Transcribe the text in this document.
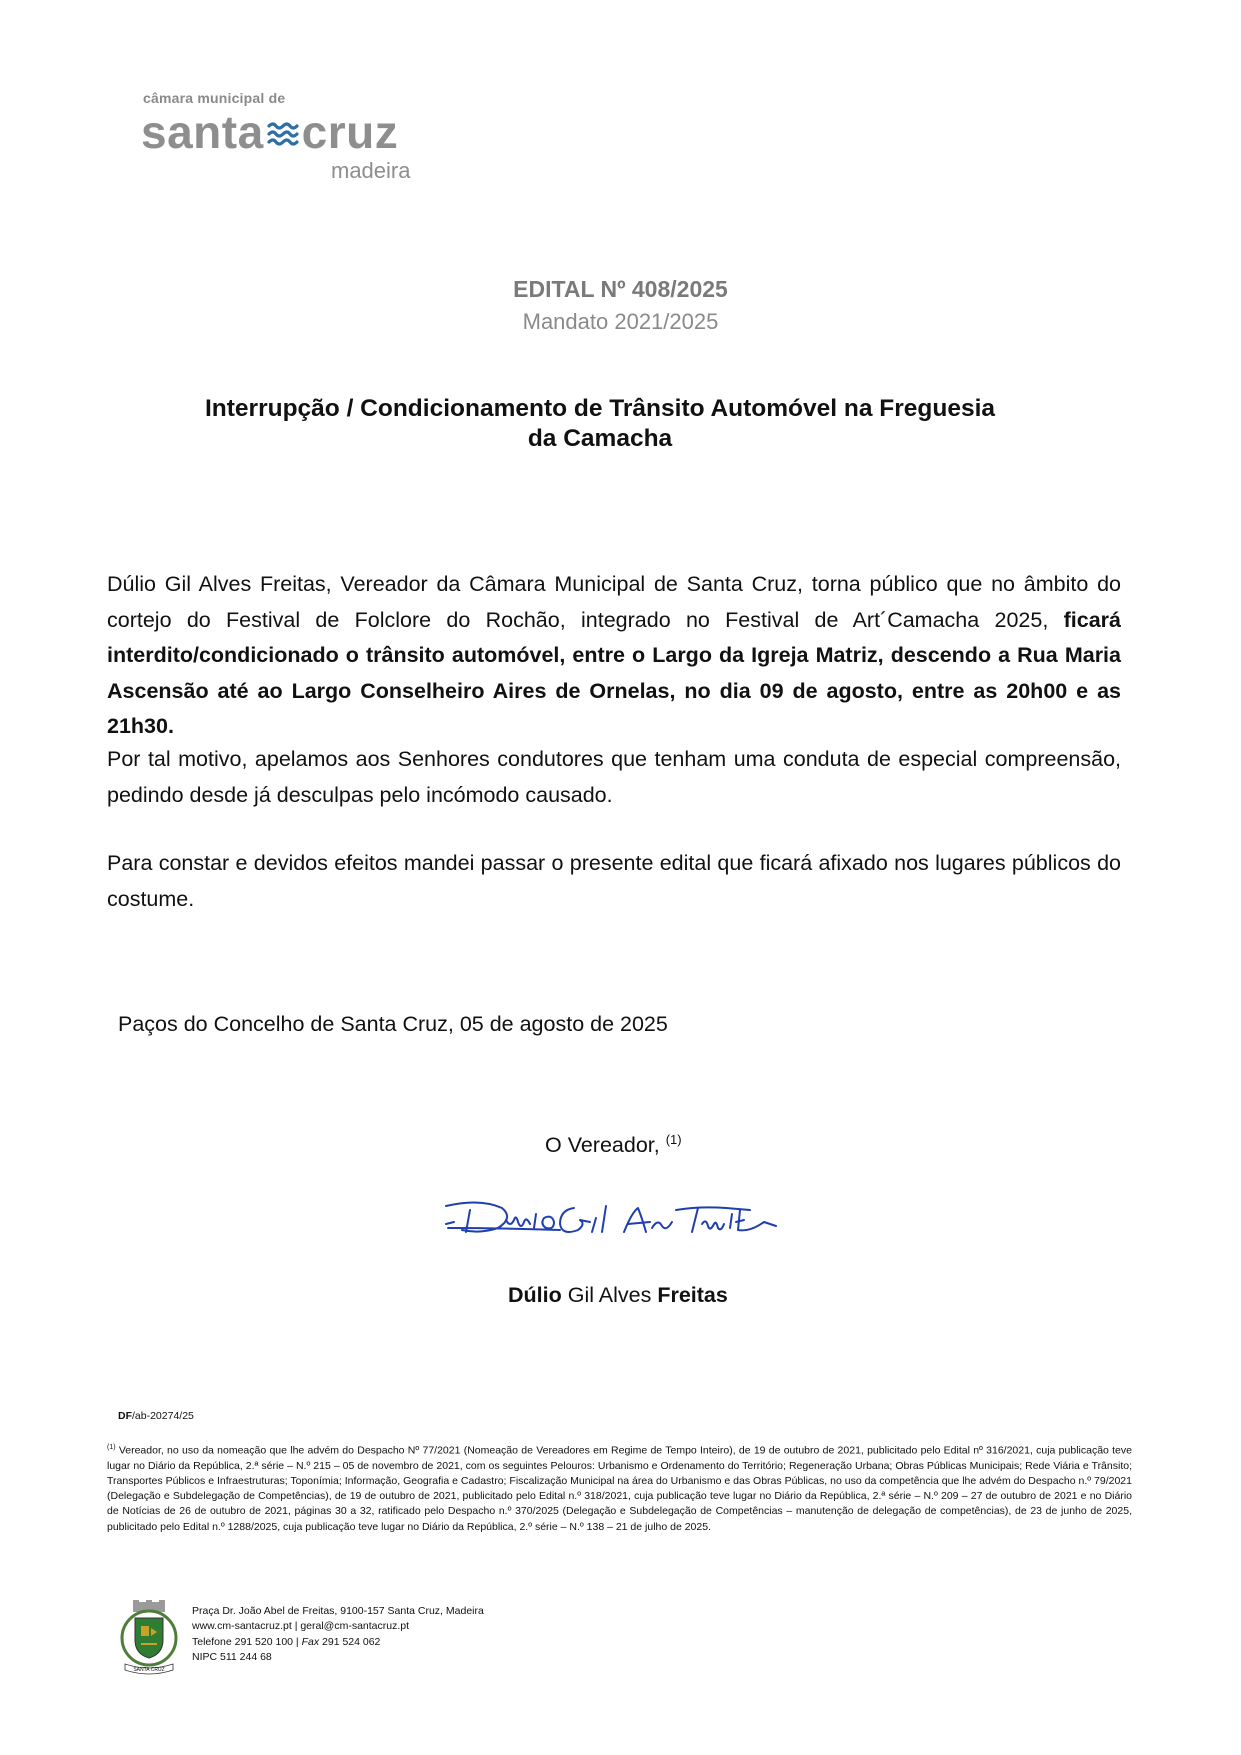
câmara municipal de
santa cruz
madeira
EDITAL Nº 408/2025
Mandato 2021/2025
Interrupção / Condicionamento de Trânsito Automóvel na Freguesia
da Camacha
Dúlio Gil Alves Freitas, Vereador da Câmara Municipal de Santa Cruz, torna público que no âmbito do cortejo do Festival de Folclore do Rochão, integrado no Festival de Art´Camacha 2025, ficará interdito/condicionado o trânsito automóvel, entre o Largo da Igreja Matriz, descendo a Rua Maria Ascensão até ao Largo Conselheiro Aires de Ornelas, no dia 09 de agosto, entre as 20h00 e as 21h30.
Por tal motivo, apelamos aos Senhores condutores que tenham uma conduta de especial compreensão, pedindo desde já desculpas pelo incómodo causado.
Para constar e devidos efeitos mandei passar o presente edital que ficará afixado nos lugares públicos do costume.
Paços do Concelho de Santa Cruz, 05 de agosto de 2025
O Vereador, $^{(1)}$
Dúlio Gil Alves Freitas
DF/ab-20274/25
$^{(1)}$ Vereador, no uso da nomeação que lhe advém do Despacho Nº 77/2021 (Nomeação de Vereadores em Regime de Tempo Inteiro), de 19 de outubro de 2021, publicitado pelo Edital nº 316/2021, cuja publicação teve lugar no Diário da República, 2.ª série – N.º 215 – 05 de novembro de 2021, com os seguintes Pelouros: Urbanismo e Ordenamento do Território; Regeneração Urbana; Obras Públicas Municipais; Rede Viária e Trânsito; Transportes Públicos e Infraestruturas; Toponímia; Informação, Geografia e Cadastro; Fiscalização Municipal na área do Urbanismo e das Obras Públicas, no uso da competência que lhe advém do Despacho n.º 79/2021 (Delegação e Subdelegação de Competências), de 19 de outubro de 2021, publicitado pelo Edital n.º 318/2021, cuja publicação teve lugar no Diário da República, 2.ª série – N.º 209 – 27 de outubro de 2021 e no Diário de Notícias de 26 de outubro de 2021, páginas 30 a 32, ratificado pelo Despacho n.º 370/2025 (Delegação e Subdelegação de Competências – manutenção de delegação de competências), de 23 de junho de 2025, publicitado pelo Edital n.º 1288/2025, cuja publicação teve lugar no Diário da República, 2.º série – N.º 138 – 21 de julho de 2025.
SANTA CRUZ
Praça Dr. João Abel de Freitas, 9100-157 Santa Cruz, Madeira
www.cm-santacruz.pt | geral@cm-santacruz.pt
Telefone 291 520 100 | Fax 291 524 062
NIPC 511 244 68
